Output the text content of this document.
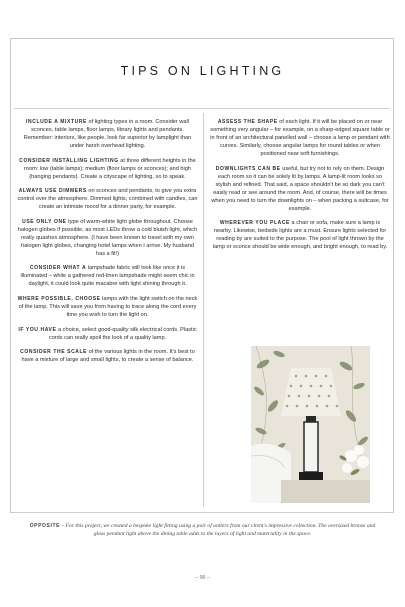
TIPS ON LIGHTING

INCLUDE A MIXTURE of lighting types in a room. Consider wall sconces, table lamps, floor lamps, library lights and pendants. Remember: interiors, like people, look far superior by lamplight than under harsh overhead lighting.

CONSIDER INSTALLING LIGHTING at three different heights in the room: low (table lamps); medium (floor lamps or sconces); and high (hanging pendants). Create a cityscape of lighting, so to speak.

ALWAYS USE DIMMERS on sconces and pendants, to give you extra control over the atmosphere. Dimmed lights, combined with candles, can create an intimate mood for a dinner party, for example.

USE ONLY ONE type of warm-white light globe throughout. Choose halogen globes if possible, as most LEDs throw a cold bluish light, which really quashes atmosphere. (I have been known to travel with my own halogen light globes, changing hotel lamps when I arrive. My husband has a fit!)

CONSIDER WHAT A lampshade fabric will look like once it is illuminated – while a gathered red-linen lampshade might seem chic in daylight, it could look quite macabre with light shining through it.

WHERE POSSIBLE, CHOOSE lamps with the light switch on the neck of the lamp. This will save you from having to trace along the cord every time you wish to turn the light on.

IF YOU HAVE a choice, select good-quality silk electrical cords. Plastic cords can really spoil the look of a quality lamp.

CONSIDER THE SCALE of the various lights in the room. It's best to have a mixture of large and small lights, to create a sense of balance.

ASSESS THE SHAPE of each light. If it will be placed on or near something very angular – for example, on a sharp-edged square table or in front of an architectural panelled wall – choose a lamp or pendant with curves. Similarly, choose angular lamps for round tables or when positioned near soft furnishings.

DOWNLIGHTS CAN BE useful, but try not to rely on them. Design each room so it can be solely lit by lamps. A lamp-lit room looks so stylish and refined. That said, a space shouldn't be so dark you can't easily read or see around the room. And, of course, there will be times when you need to turn the downlights on – when packing a suitcase, for example.

WHEREVER YOU PLACE a chair or sofa, make sure a lamp is nearby. Likewise, bedside lights are a must. Ensure lights selected for reading by are suited to the purpose. The pool of light thrown by the lamp or sconce should be wide enough, and bright enough, to read by.

OPPOSITE – For this project, we created a bespoke light fitting using a pair of antlers from our client's impressive collection. The oversized bronze and glass pendant light above the dining table adds to the layers of light and materiality in the space.
– 90 –
